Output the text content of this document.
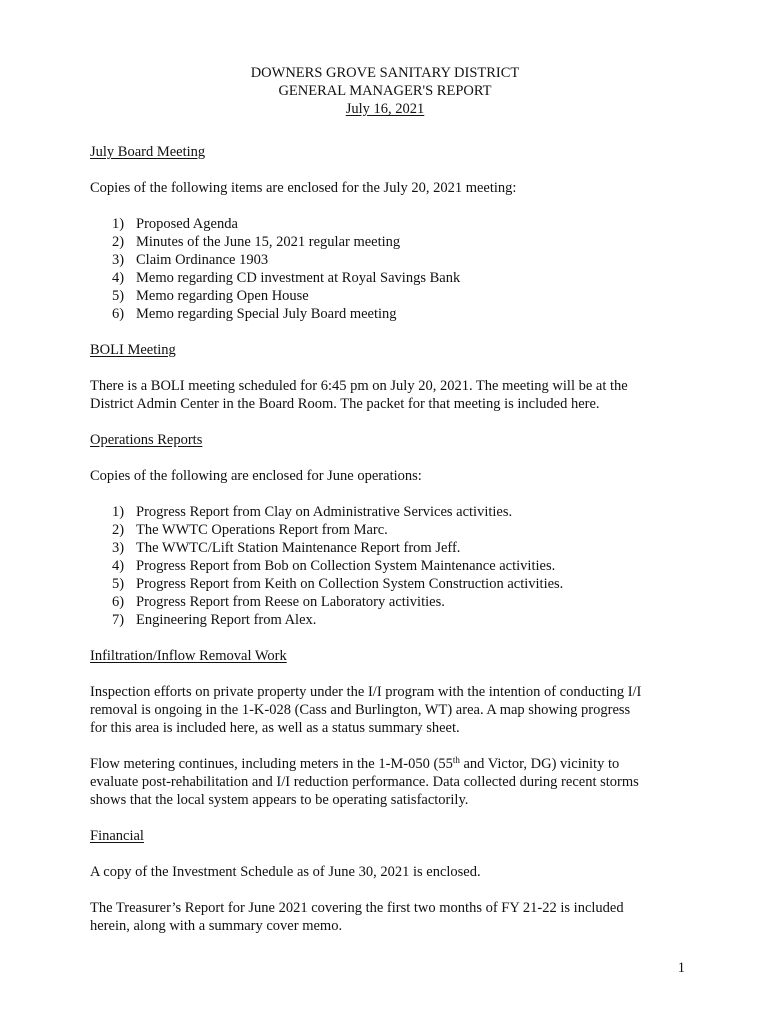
DOWNERS GROVE SANITARY DISTRICT
GENERAL MANAGER'S REPORT
July 16, 2021

July Board Meeting

Copies of the following items are enclosed for the July 20, 2021 meeting:

1) Proposed Agenda
2) Minutes of the June 15, 2021 regular meeting
3) Claim Ordinance 1903
4) Memo regarding CD investment at Royal Savings Bank
5) Memo regarding Open House
6) Memo regarding Special July Board meeting

BOLI Meeting

There is a BOLI meeting scheduled for 6:45 pm on July 20, 2021. The meeting will be at the
District Admin Center in the Board Room. The packet for that meeting is included here.

Operations Reports

Copies of the following are enclosed for June operations:

1) Progress Report from Clay on Administrative Services activities.
2) The WWTC Operations Report from Marc.
3) The WWTC/Lift Station Maintenance Report from Jeff.
4) Progress Report from Bob on Collection System Maintenance activities.
5) Progress Report from Keith on Collection System Construction activities.
6) Progress Report from Reese on Laboratory activities.
7) Engineering Report from Alex.

Infiltration/Inflow Removal Work

Inspection efforts on private property under the I/I program with the intention of conducting I/I
removal is ongoing in the 1-K-028 (Cass and Burlington, WT) area. A map showing progress
for this area is included here, as well as a status summary sheet.

Flow metering continues, including meters in the 1-M-050 (55th and Victor, DG) vicinity to
evaluate post-rehabilitation and I/I reduction performance. Data collected during recent storms
shows that the local system appears to be operating satisfactorily.

Financial

A copy of the Investment Schedule as of June 30, 2021 is enclosed.

The Treasurer’s Report for June 2021 covering the first two months of FY 21-22 is included
herein, along with a summary cover memo.

1
